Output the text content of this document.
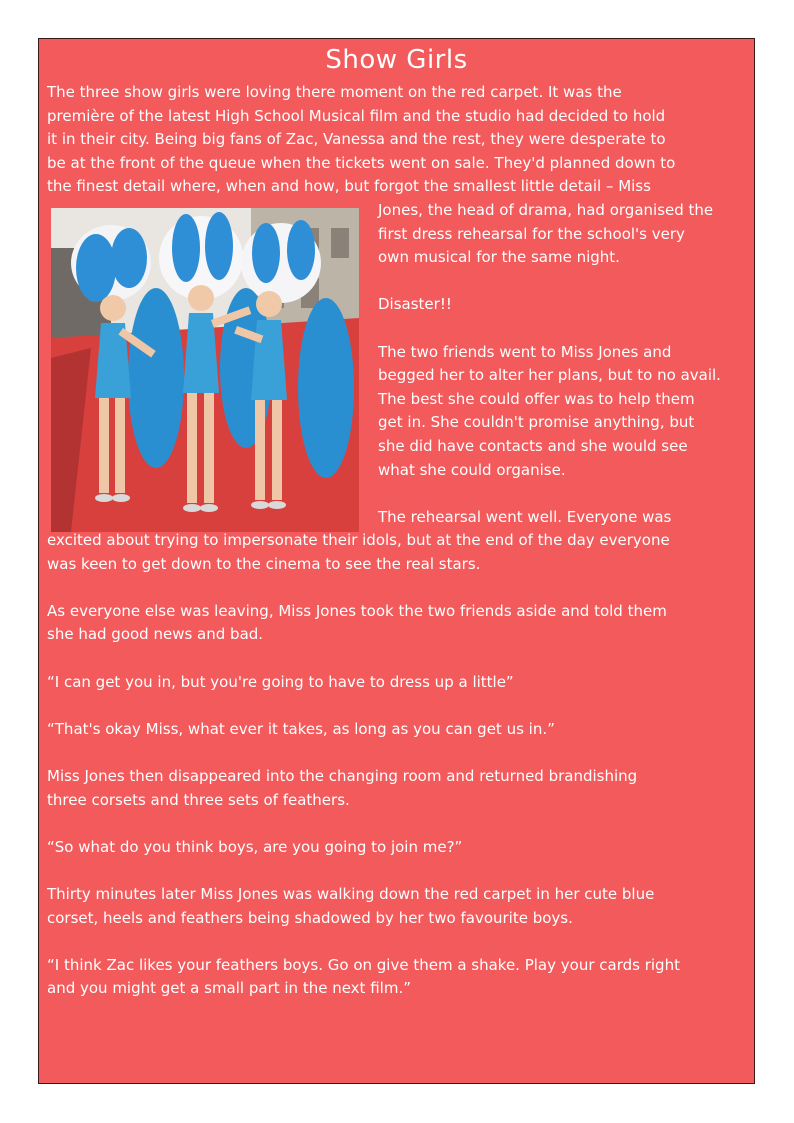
Show Girls

The three show girls were loving there moment on the red carpet. It was the

première of the latest High School Musical film and the studio had decided to hold

it in their city. Being big fans of Zac, Vanessa and the rest, they were desperate to

be at the front of the queue when the tickets went on sale. They'd planned down to

the finest detail where, when and how, but forgot the smallest little detail – Miss

Jones, the head of drama, had organised the

first dress rehearsal for the school's very

own musical for the same night.

Disaster!!

The two friends went to Miss Jones and

begged her to alter her plans, but to no avail.

The best she could offer was to help them

get in. She couldn't promise anything, but

she did have contacts and she would see

what she could organise.

The rehearsal went well. Everyone was

excited about trying to impersonate their idols, but at the end of the day everyone

was keen to get down to the cinema to see the real stars.

As everyone else was leaving, Miss Jones took the two friends aside and told them

she had good news and bad.

“I can get you in, but you're going to have to dress up a little”

“That's okay Miss, what ever it takes, as long as you can get us in.”

Miss Jones then disappeared into the changing room and returned brandishing

three corsets and three sets of feathers.

“So what do you think boys, are you going to join me?”

Thirty minutes later Miss Jones was walking down the red carpet in her cute blue

corset, heels and feathers being shadowed by her two favourite boys.

“I think Zac likes your feathers boys. Go on give them a shake. Play your cards right

and you might get a small part in the next film.”
